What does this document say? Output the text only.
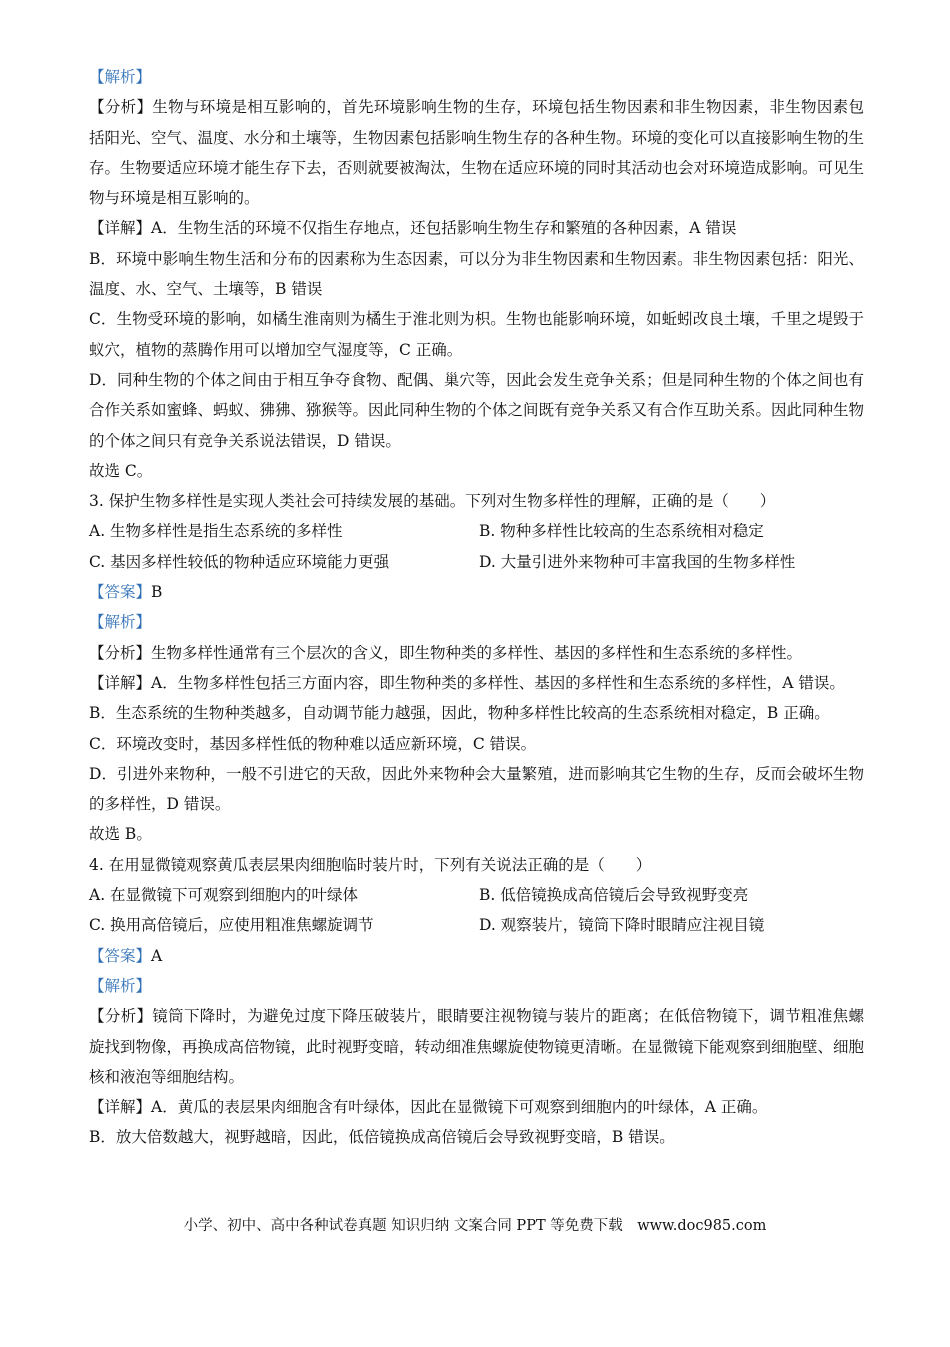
【解析】
【分析】生物与环境是相互影响的，首先环境影响生物的生存，环境包括生物因素和非生物因素，非生物因素包括阳光、空气、温度、水分和土壤等，生物因素包括影响生物生存的各种生物。环境的变化可以直接影响生物的生存。生物要适应环境才能生存下去，否则就要被淘汰，生物在适应环境的同时其活动也会对环境造成影响。可见生物与环境是相互影响的。
【详解】A．生物生活的环境不仅指生存地点，还包括影响生物生存和繁殖的各种因素，A 错误
B．环境中影响生物生活和分布的因素称为生态因素，可以分为非生物因素和生物因素。非生物因素包括：阳光、温度、水、空气、土壤等，B 错误
C．生物受环境的影响，如橘生淮南则为橘生于淮北则为枳。生物也能影响环境，如蚯蚓改良土壤，千里之堤毁于蚁穴，植物的蒸腾作用可以增加空气湿度等，C 正确。
D．同种生物的个体之间由于相互争夺食物、配偶、巢穴等，因此会发生竞争关系；但是同种生物的个体之间也有合作关系如蜜蜂、蚂蚁、狒狒、猕猴等。因此同种生物的个体之间既有竞争关系又有合作互助关系。因此同种生物的个体之间只有竞争关系说法错误，D 错误。
故选 C。
3. 保护生物多样性是实现人类社会可持续发展的基础。下列对生物多样性的理解，正确的是（　　）
A. 生物多样性是指生态系统的多样性	B. 物种多样性比较高的生态系统相对稳定
C. 基因多样性较低的物种适应环境能力更强	D. 大量引进外来物种可丰富我国的生物多样性
【答案】B
【解析】
【分析】生物多样性通常有三个层次的含义，即生物种类的多样性、基因的多样性和生态系统的多样性。
【详解】A．生物多样性包括三方面内容，即生物种类的多样性、基因的多样性和生态系统的多样性，A 错误。
B．生态系统的生物种类越多，自动调节能力越强，因此，物种多样性比较高的生态系统相对稳定，B 正确。
C．环境改变时，基因多样性低的物种难以适应新环境，C 错误。
D．引进外来物种，一般不引进它的天敌，因此外来物种会大量繁殖，进而影响其它生物的生存，反而会破坏生物的多样性，D 错误。
故选 B。
4. 在用显微镜观察黄瓜表层果肉细胞临时装片时，下列有关说法正确的是（　　）
A. 在显微镜下可观察到细胞内的叶绿体	B. 低倍镜换成高倍镜后会导致视野变亮
C. 换用高倍镜后，应使用粗准焦螺旋调节	D. 观察装片，镜筒下降时眼睛应注视目镜
【答案】A
【解析】
【分析】镜筒下降时，为避免过度下降压破装片，眼睛要注视物镜与装片的距离；在低倍物镜下，调节粗准焦螺旋找到物像，再换成高倍物镜，此时视野变暗，转动细准焦螺旋使物镜更清晰。在显微镜下能观察到细胞壁、细胞核和液泡等细胞结构。
【详解】A．黄瓜的表层果肉细胞含有叶绿体，因此在显微镜下可观察到细胞内的叶绿体，A 正确。
B．放大倍数越大，视野越暗，因此，低倍镜换成高倍镜后会导致视野变暗，B 错误。
小学、初中、高中各种试卷真题 知识归纳 文案合同 PPT 等免费下载　www.doc985.com
